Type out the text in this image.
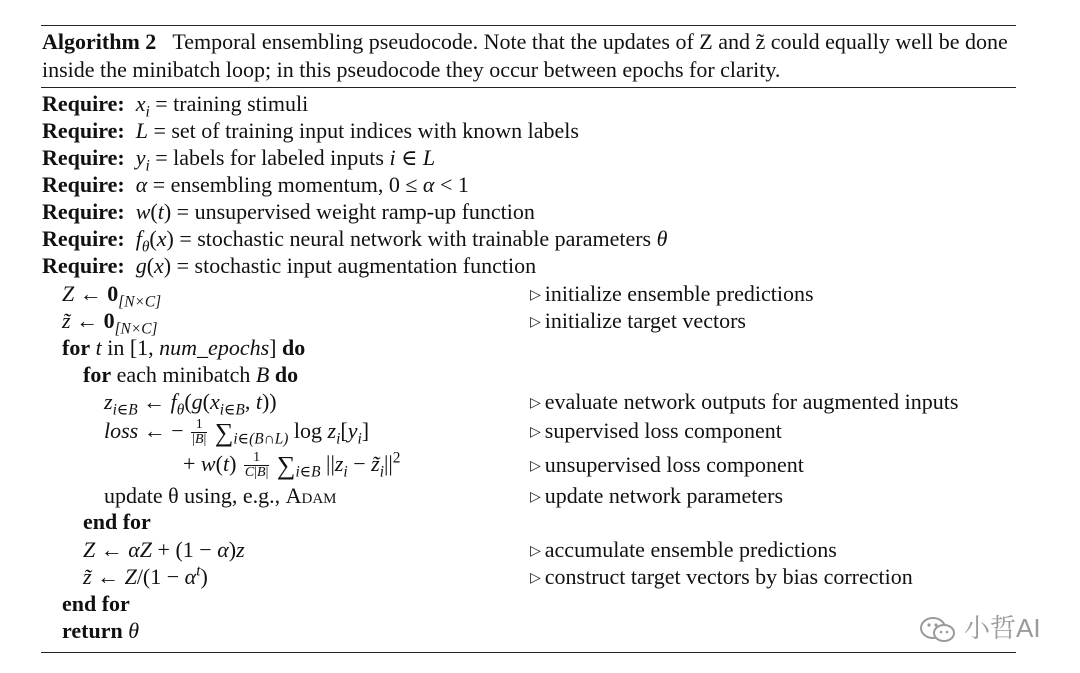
Algorithm 2 Temporal ensembling pseudocode. Note that the updates of Z and z̃ could equally well be done inside the minibatch loop; in this pseudocode they occur between epochs for clarity.
Require: $x_i$ = training stimuli
Require: L = set of training input indices with known labels
Require: $y_i$ = labels for labeled inputs i ∈ L
Require: α = ensembling momentum, 0 ≤ α < 1
Require: w(t) = unsupervised weight ramp-up function
Require: $f_\theta(x)$ = stochastic neural network with trainable parameters θ
Require: g(x) = stochastic input augmentation function
Z ← $0_{[N\times C]}$	▷ initialize ensemble predictions
z̃ ← $0_{[N\times C]}$	▷ initialize target vectors
for t in [1, num_epochs] do
for each minibatch B do
$z_{i\in B}$ ← $f_\theta(g(x_{i\in B}$, t))	▷ evaluate network outputs for augmented inputs
loss ← − $\frac{1}{|B|} \sum_{i\in(B\cap L)}$ $\log z_i[y_i]$	▷ supervised loss component
+ $w(t) \frac{1}{C|B|} \sum_{i\in B}$ $||z_i$ − $z̃_i||^2$	▷ unsupervised loss component
update θ using, e.g., Adam	▷ update network parameters
end for
Z ← αZ + (1 − α)z	▷ accumulate ensemble predictions
z̃ ← $Z/(1 - \alpha^t)$	▷ construct target vectors by bias correction
end for
return θ	小哲AI
